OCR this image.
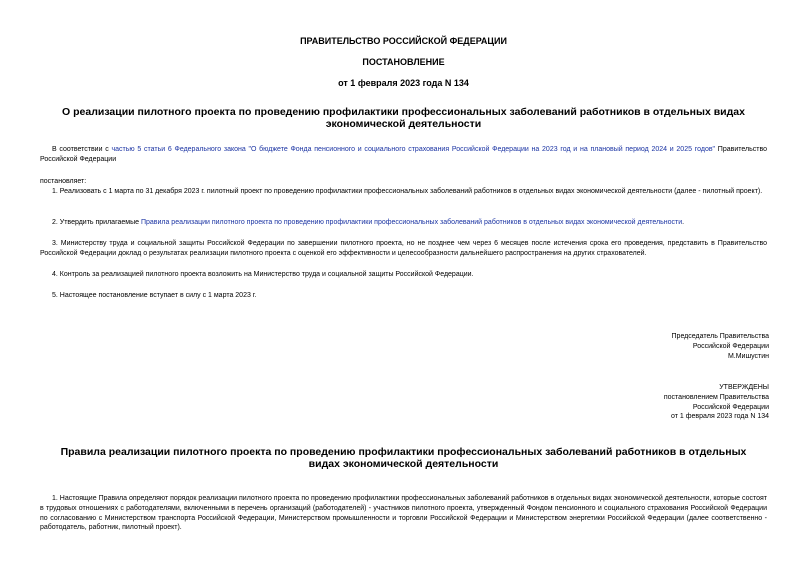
ПРАВИТЕЛЬСТВО РОССИЙСКОЙ ФЕДЕРАЦИИ
ПОСТАНОВЛЕНИЕ
от 1 февраля 2023 года N 134
О реализации пилотного проекта по проведению профилактики профессиональных заболеваний работников в отдельных видах экономической деятельности
В соответствии с частью 5 статьи 6 Федерального закона "О бюджете Фонда пенсионного и социального страхования Российской Федерации на 2023 год и на плановый период 2024 и 2025 годов" Правительство Российской Федерации
постановляет:
1. Реализовать с 1 марта по 31 декабря 2023 г. пилотный проект по проведению профилактики профессиональных заболеваний работников в отдельных видах экономической деятельности (далее - пилотный проект).
2. Утвердить прилагаемые Правила реализации пилотного проекта по проведению профилактики профессиональных заболеваний работников в отдельных видах экономической деятельности.
3. Министерству труда и социальной защиты Российской Федерации по завершении пилотного проекта, но не позднее чем через 6 месяцев после истечения срока его проведения, представить в Правительство Российской Федерации доклад о результатах реализации пилотного проекта с оценкой его эффективности и целесообразности дальнейшего распространения на других страхователей.
4. Контроль за реализацией пилотного проекта возложить на Министерство труда и социальной защиты Российской Федерации.
5. Настоящее постановление вступает в силу с 1 марта 2023 г.
Председатель Правительства
Российской Федерации
М.Мишустин
УТВЕРЖДЕНЫ
постановлением Правительства
Российской Федерации
от 1 февраля 2023 года N 134
Правила реализации пилотного проекта по проведению профилактики профессиональных заболеваний работников в отдельных видах экономической деятельности
1. Настоящие Правила определяют порядок реализации пилотного проекта по проведению профилактики профессиональных заболеваний работников в отдельных видах экономической деятельности, которые состоят в трудовых отношениях с работодателями, включенными в перечень организаций (работодателей) - участников пилотного проекта, утвержденный Фондом пенсионного и социального страхования Российской Федерации по согласованию с Министерством транспорта Российской Федерации, Министерством промышленности и торговли Российской Федерации и Министерством энергетики Российской Федерации (далее соответственно - работодатель, работник, пилотный проект).
